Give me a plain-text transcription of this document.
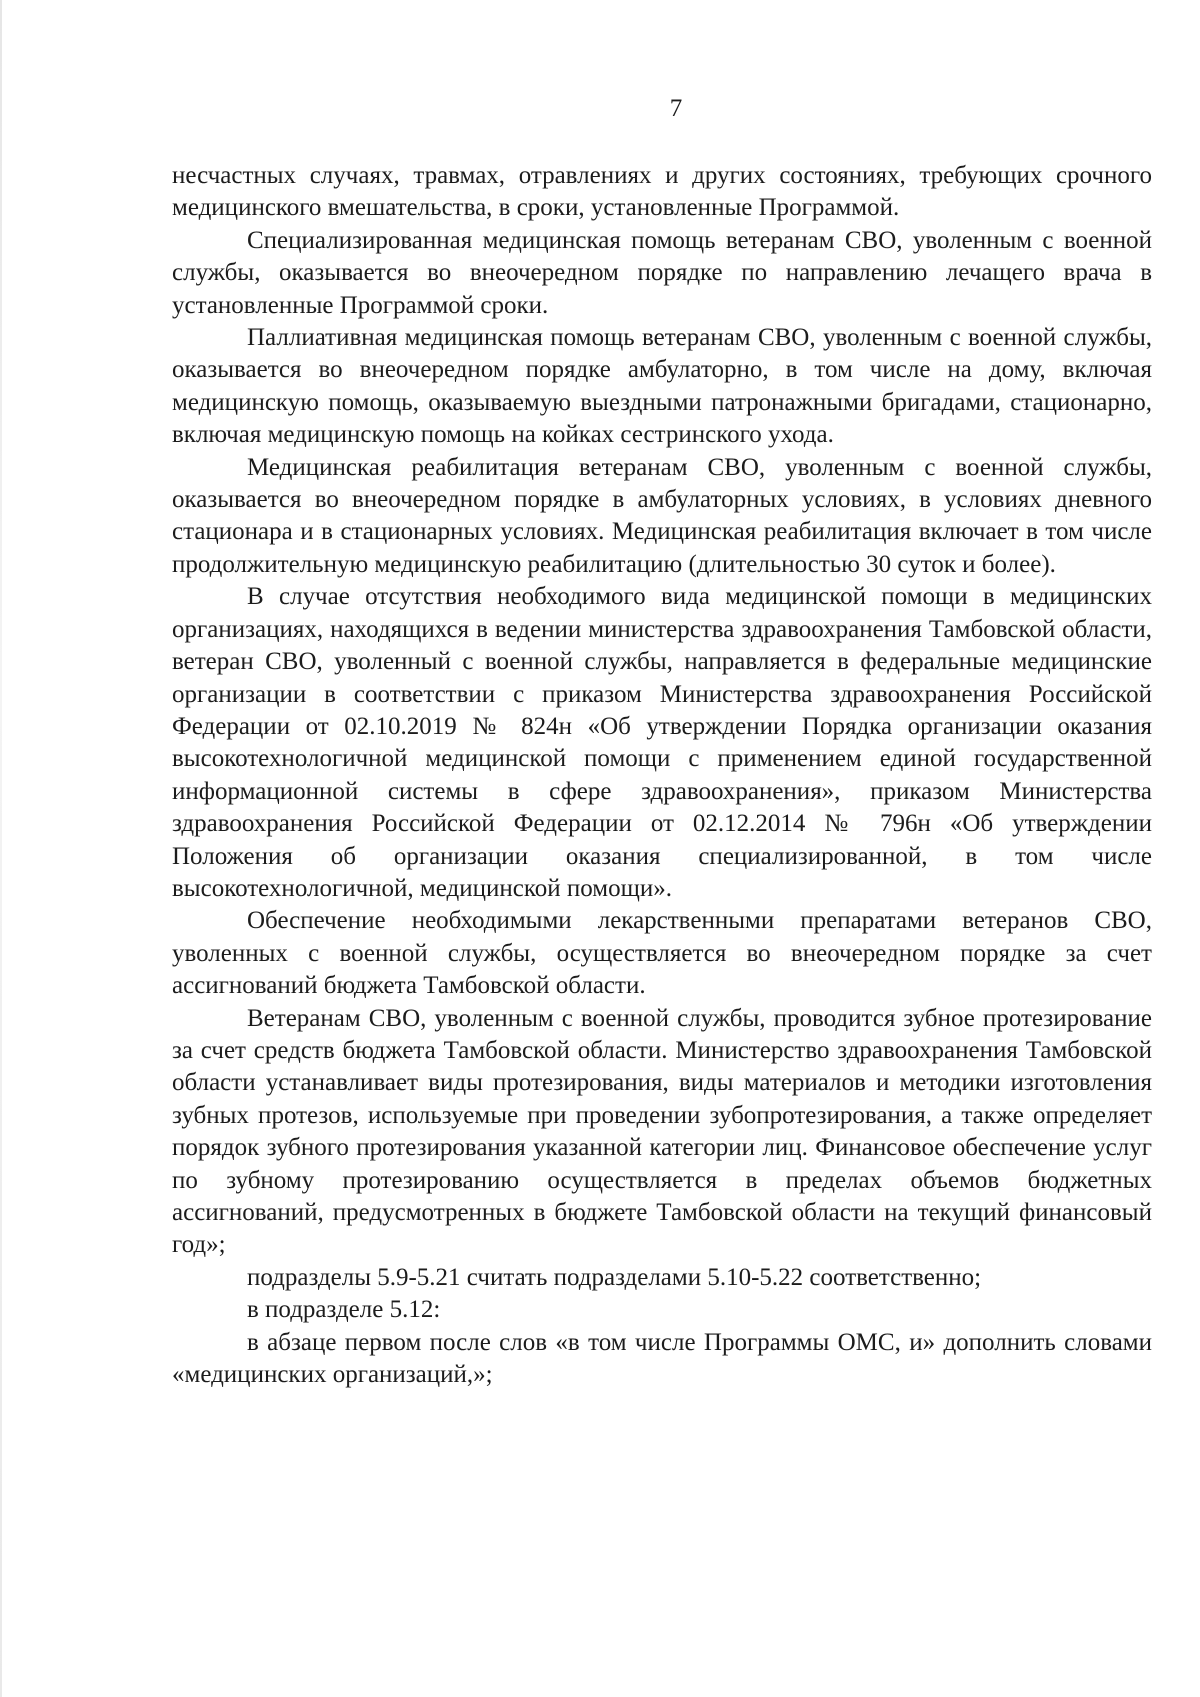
7

несчастных случаях, травмах, отравлениях и других состояниях, требующих срочного медицинского вмешательства, в сроки, установленные Программой.

Специализированная медицинская помощь ветеранам СВО, уволенным с военной службы, оказывается во внеочередном порядке по направлению лечащего врача в установленные Программой сроки.

Паллиативная медицинская помощь ветеранам СВО, уволенным с военной службы, оказывается во внеочередном порядке амбулаторно, в том числе на дому, включая медицинскую помощь, оказываемую выездными патронажными бригадами, стационарно, включая медицинскую помощь на койках сестринского ухода.

Медицинская реабилитация ветеранам СВО, уволенным с военной службы, оказывается во внеочередном порядке в амбулаторных условиях, в условиях дневного стационара и в стационарных условиях. Медицинская реабилитация включает в том числе продолжительную медицинскую реабилитацию (длительностью 30 суток и более).

В случае отсутствия необходимого вида медицинской помощи в медицинских организациях, находящихся в ведении министерства здравоохранения Тамбовской области, ветеран СВО, уволенный с военной службы, направляется в федеральные медицинские организации в соответствии с приказом Министерства здравоохранения Российской Федерации от 02.10.2019 № 824н «Об утверждении Порядка организации оказания высокотехнологичной медицинской помощи с применением единой государственной информационной системы в сфере здравоохранения», приказом Министерства здравоохранения Российской Федерации от 02.12.2014 № 796н «Об утверждении Положения об организации оказания специализированной, в том числе высокотехнологичной, медицинской помощи».

Обеспечение необходимыми лекарственными препаратами ветеранов СВО, уволенных с военной службы, осуществляется во внеочередном порядке за счет ассигнований бюджета Тамбовской области.

Ветеранам СВО, уволенным с военной службы, проводится зубное протезирование за счет средств бюджета Тамбовской области. Министерство здравоохранения Тамбовской области устанавливает виды протезирования, виды материалов и методики изготовления зубных протезов, используемые при проведении зубопротезирования, а также определяет порядок зубного протезирования указанной категории лиц. Финансовое обеспечение услуг по зубному протезированию осуществляется в пределах объемов бюджетных ассигнований, предусмотренных в бюджете Тамбовской области на текущий финансовый год»;

подразделы 5.9-5.21 считать подразделами 5.10-5.22 соответственно;

в подразделе 5.12:

в абзаце первом после слов «в том числе Программы ОМС, и» дополнить словами «медицинских организаций,»;
